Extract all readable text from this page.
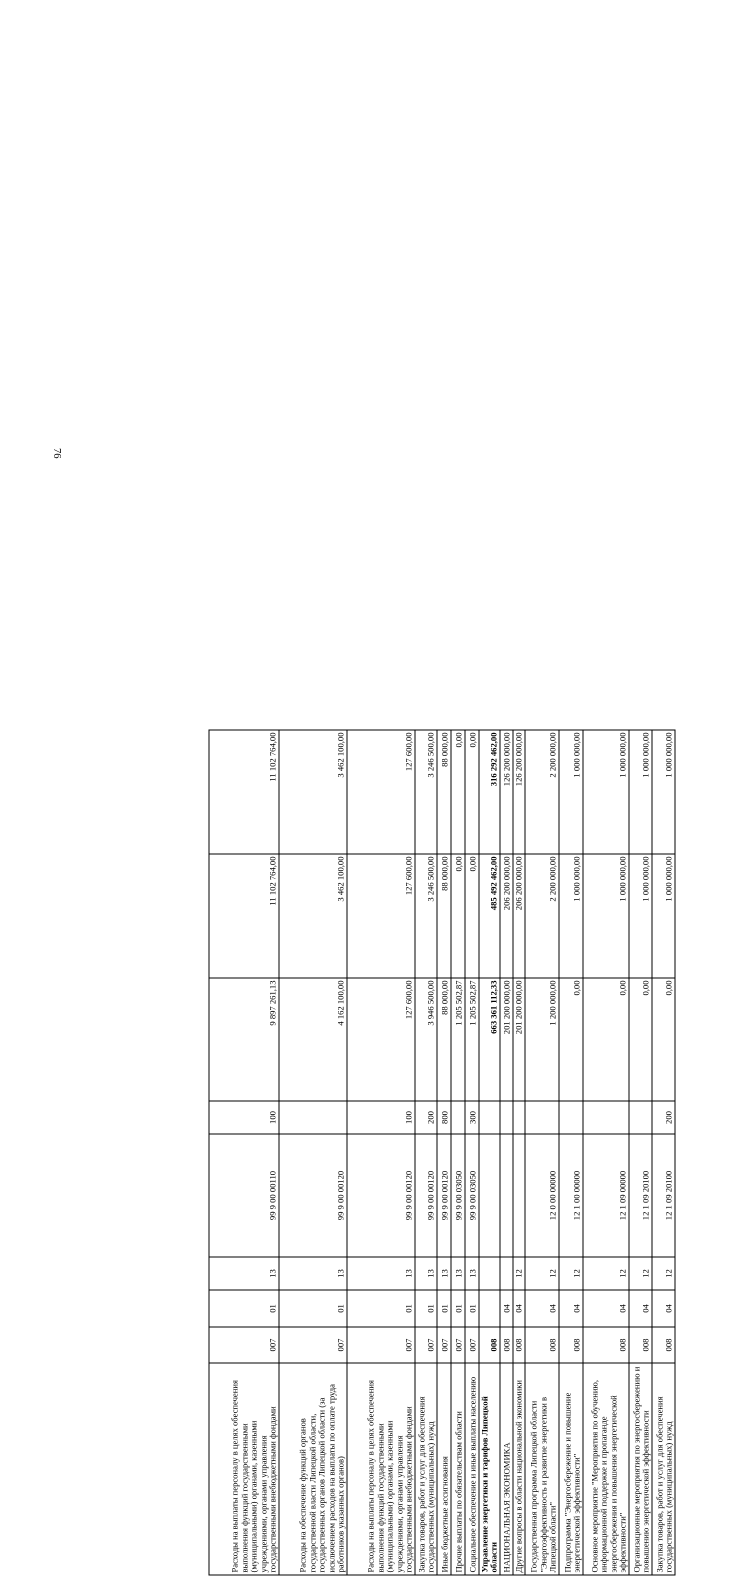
76
Расходы на выплаты персоналу в целях обеспечения выполнения функций государственными (муниципальными) органами, казенными учреждениями, органами управления государственными внебюджетными фондами	007	01	13	99 9 00 00110	100	9 897 261,13	11 102 764,00	11 102 764,00
Расходы на обеспечение функций органов государственной власти Липецкой области, государственных органов Липецкой области (за исключением расходов на выплаты по оплате труда работников указанных органов)	007	01	13	99 9 00 00120		4 162 100,00	3 462 100,00	3 462 100,00
Расходы на выплаты персоналу в целях обеспечения выполнения функций государственными (муниципальными) органами, казенными учреждениями, органами управления государственными внебюджетными фондами	007	01	13	99 9 00 00120	100	127 600,00	127 600,00	127 600,00
Закупка товаров, работ и услуг для обеспечения государственных (муниципальных) нужд	007	01	13	99 9 00 00120	200	3 946 500,00	3 246 500,00	3 246 500,00
Иные бюджетные ассигнования	007	01	13	99 9 00 00120	800	88 000,00	88 000,00	88 000,00
Прочие выплаты по обязательствам области	007	01	13	99 9 00 03050		1 205 502,87	0,00	0,00
Социальное обеспечение и иные выплаты населению	007	01	13	99 9 00 03050	300	1 205 502,87	0,00	0,00
Управление энергетики и тарифов Липецкой области	008					663 361 112,33	485 492 462,00	316 292 462,00
НАЦИОНАЛЬНАЯ ЭКОНОМИКА	008	04				201 200 000,00	206 200 000,00	126 200 000,00
Другие вопросы в области национальной экономики	008	04	12			201 200 000,00	206 200 000,00	126 200 000,00
Государственная программа Липецкой области "Энергоэффективность и развитие энергетики в Липецкой области"	008	04	12	12 0 00 00000		1 200 000,00	2 200 000,00	2 200 000,00
Подпрограмма "Энергосбережение и повышение энергетической эффективности"	008	04	12	12 1 00 00000		0,00	1 000 000,00	1 000 000,00
Основное мероприятие "Мероприятия по обучению, информационной поддержке и пропаганде энергосбережения и повышения энергетической эффективности"	008	04	12	12 1 09 00000		0,00	1 000 000,00	1 000 000,00
Организационные мероприятия по энергосбережению и повышению энергетической эффективности	008	04	12	12 1 09 20100		0,00	1 000 000,00	1 000 000,00
Закупка товаров, работ и услуг для обеспечения государственных (муниципальных) нужд	008	04	12	12 1 09 20100	200	0,00	1 000 000,00	1 000 000,00
